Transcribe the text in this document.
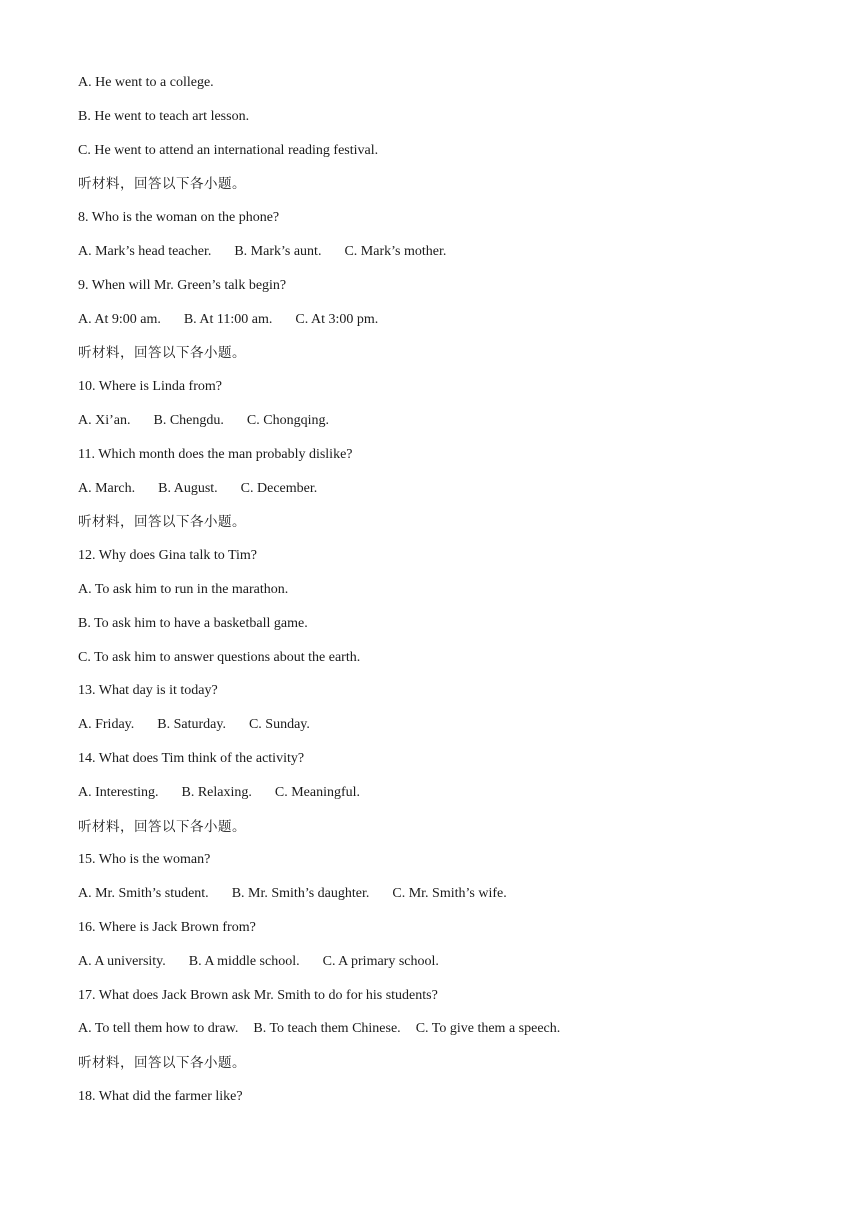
A. He went to a college.
B. He went to teach art lesson.
C. He went to attend an international reading festival.
听材料，回答以下各小题。
8. Who is the woman on the phone?
A. Mark’s head teacher. B. Mark’s aunt. C. Mark’s mother.
9. When will Mr. Green’s talk begin?
A. At 9:00 am. B. At 11:00 am. C. At 3:00 pm.
听材料，回答以下各小题。
10. Where is Linda from?
A. Xi’an. B. Chengdu. C. Chongqing.
11. Which month does the man probably dislike?
A. March. B. August. C. December.
听材料，回答以下各小题。
12. Why does Gina talk to Tim?
A. To ask him to run in the marathon.
B. To ask him to have a basketball game.
C. To ask him to answer questions about the earth.
13. What day is it today?
A. Friday. B. Saturday. C. Sunday.
14. What does Tim think of the activity?
A. Interesting. B. Relaxing. C. Meaningful.
听材料，回答以下各小题。
15. Who is the woman?
A. Mr. Smith’s student. B. Mr. Smith’s daughter. C. Mr. Smith’s wife.
16. Where is Jack Brown from?
A. A university. B. A middle school. C. A primary school.
17. What does Jack Brown ask Mr. Smith to do for his students?
A. To tell them how to draw. B. To teach them Chinese. C. To give them a speech.
听材料，回答以下各小题。
18. What did the farmer like?
